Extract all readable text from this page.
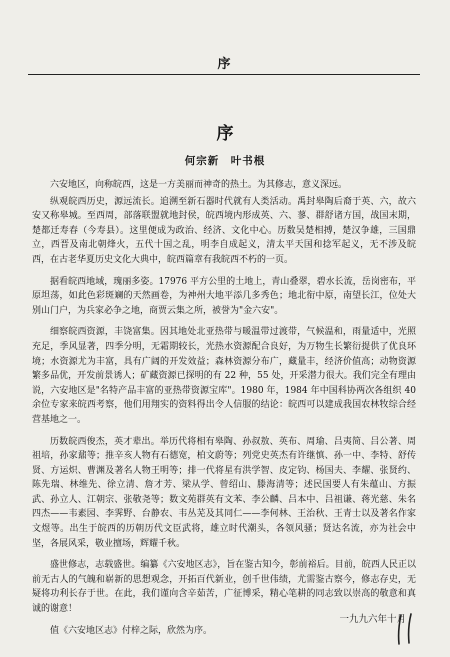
序
序
何宗新　叶书根

六安地区，向称皖西，这是一方美丽而神奇的热土。为其修志，意义深远。

纵观皖西历史，源远流长。追溯至新石器时代就有人类活动。禹封皋陶后裔于英、六，故六安又称皋城。至西周，部落联盟就地封侯，皖西境内形成英、六、蓼、群舒诸方国，战国末期，楚都迁寿春（今寿县）。这里便成为政治、经济、文化中心。历数吴楚相搏，楚汉争雄，三国鼎立，西晋及南北朝烽火，五代十国之乱，明李自成起义，清太平天国和捻军起义，无不涉及皖西，在古老华夏历史文化大典中，皖西篇章有我皖西不朽的一页。

据看皖西地域，瑰丽多姿。17976 平方公里的土地上，青山叠翠，碧水长流，岳岗密布，平原坦荡，如此色彩斑斓的天然画卷，为神州大地平添几多秀色；地北衔中原，南望长江，位处大别山门户，为兵家必争之地，商贾云集之所，被誉为"金六安"。

细察皖西资源，丰饶富集。因其地处北亚热带与暖温带过渡带，气候温和，雨量适中，光照充足，季风显著，四季分明，无霜期较长，光热水资源配合良好，为万物生长繁衍提供了优良环境；水资源尤为丰富，具有广阔的开发效益；森林资源分布广，藏量丰，经济价值高；动物资源繁多品优，开发前景诱人；矿藏资源已探明的有 22 种，55 处，开采潜力很大。我们完全有理由说，六安地区是"名特产品丰富的亚热带资源宝库"。1980 年，1984 年中国科协两次各组织 40 余位专家来皖西考察，他们用翔实的资料得出令人信服的结论：皖西可以建成我国农林牧综合经营基地之一。

历数皖西俊杰，英才辈出。举历代将相有皋陶、孙叔敖、英布、周瑜、吕夷简、吕公著、周祖培，孙家鼐等；推辛亥人物有石德宽，柏文蔚等；列党史英杰有许继慎、孙一中、李特、舒传贤、方运炽、曹渊及著名人物王明等；排一代将星有洪学智、皮定钧、杨国夫、李耀、张贤约、陈先瑞、林维先、徐立清、詹才芳、梁从学、曾绍山、滕海清等；述民国要人有朱蕴山、方振武、孙立人、江朝宗、张敬尧等；数文苑群英有文苯、李公麟、吕本中、吕祖谦、蒋光慈、朱名四杰——韦素园、李霁野、台静农、韦丛芜及其同仁——李何林、王治秋、王青士以及著名作家文煜等。出生于皖西的历朝历代文臣武将，雄立时代潮头，各领风骚；贤达名流，亦为社会中坚，各展风采，敬业擅场，辉耀千秋。

盛世修志，志载盛世。编纂《六安地区志》，旨在鉴古知今，彰前裕后。目前，皖西人民正以前无古人的气魄和崭新的思想观念，开拓百代新业，创千世伟绩，尤需鉴古察今，修志存史，无疑将功利长存于世。在此，我们谨向含辛茹苦，广征博采，精心笔耕的同志致以崇高的敬意和真诚的谢意！

值《六安地区志》付梓之际，欣然为序。

一九九六年十月
